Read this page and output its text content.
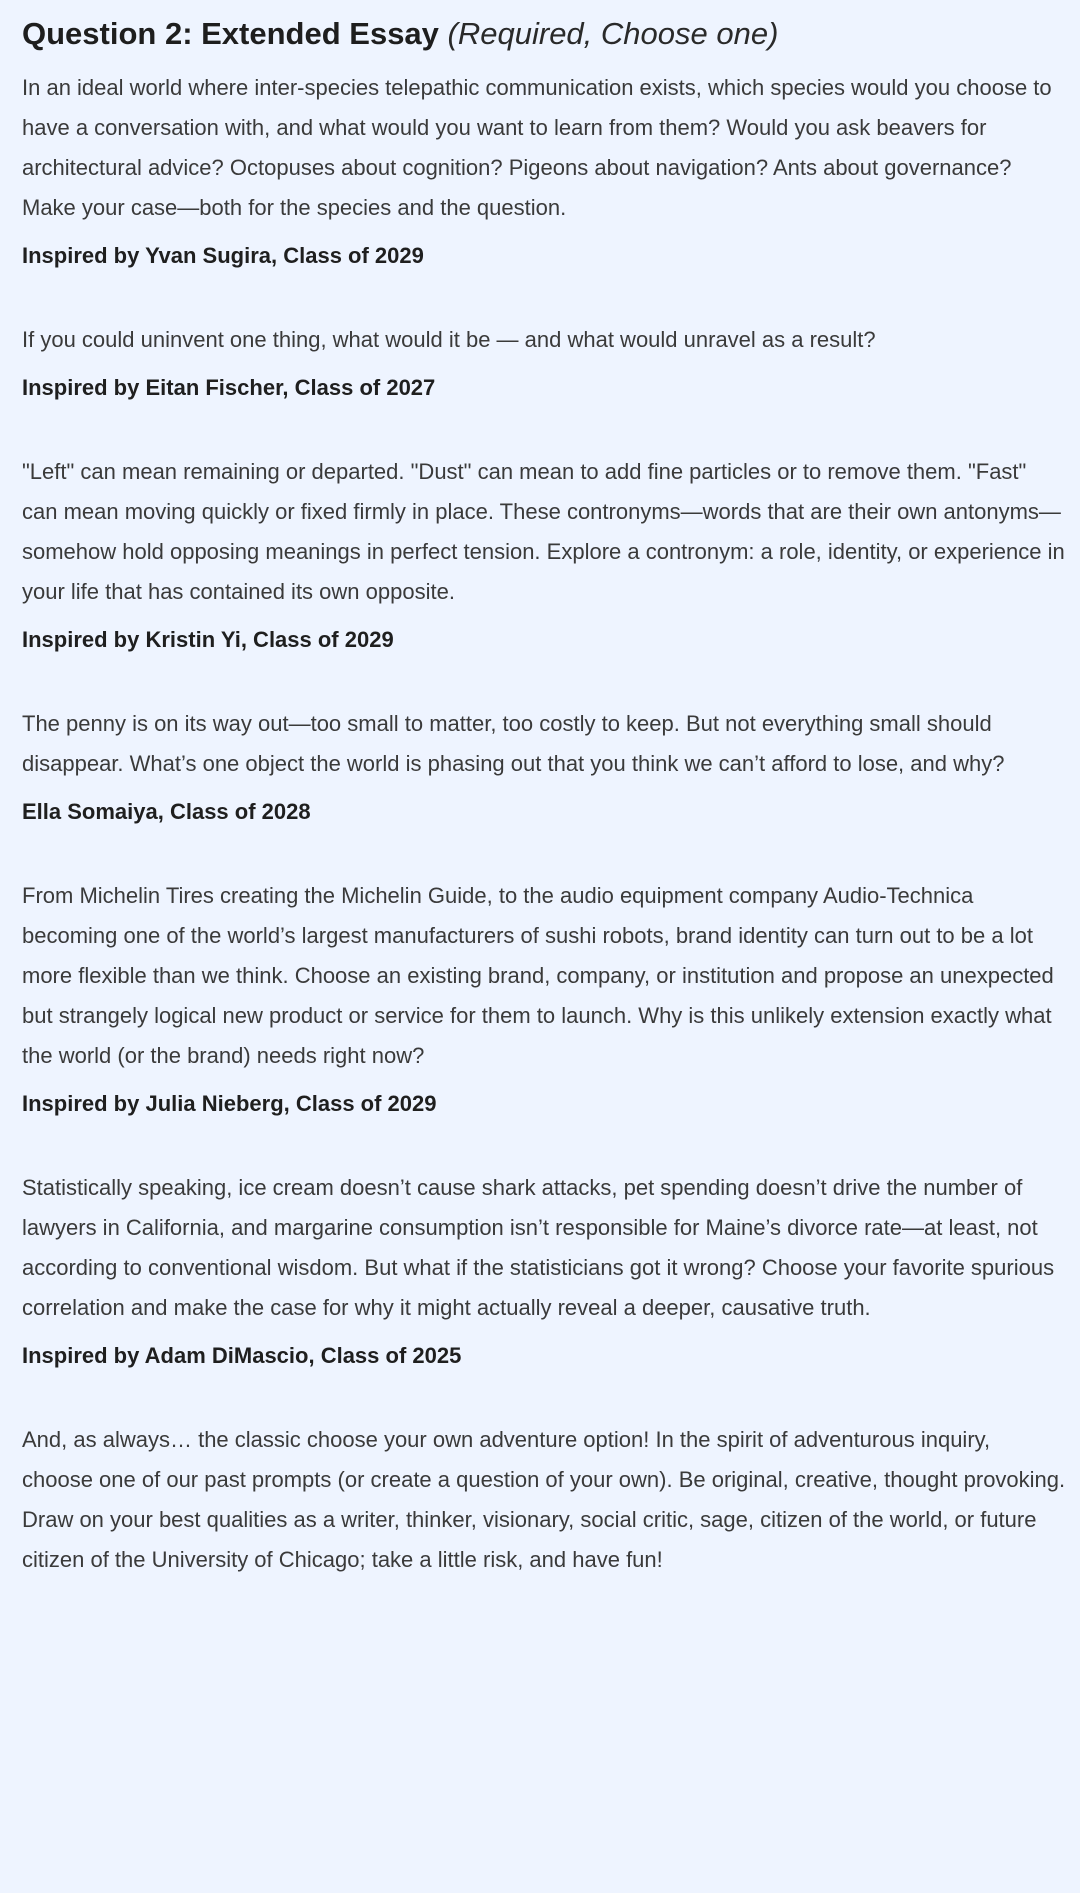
Question 2: Extended Essay (Required, Choose one)

In an ideal world where inter-species telepathic communication exists, which species would you choose to have a conversation with, and what would you want to learn from them? Would you ask beavers for architectural advice? Octopuses about cognition? Pigeons about navigation? Ants about governance? Make your case—both for the species and the question.

Inspired by Yvan Sugira, Class of 2029

If you could uninvent one thing, what would it be — and what would unravel as a result?

Inspired by Eitan Fischer, Class of 2027

"Left" can mean remaining or departed. "Dust" can mean to add fine particles or to remove them. "Fast" can mean moving quickly or fixed firmly in place. These contronyms—words that are their own antonyms—somehow hold opposing meanings in perfect tension. Explore a contronym: a role, identity, or experience in your life that has contained its own opposite.

Inspired by Kristin Yi, Class of 2029

The penny is on its way out—too small to matter, too costly to keep. But not everything small should disappear. What’s one object the world is phasing out that you think we can’t afford to lose, and why?

Ella Somaiya, Class of 2028

From Michelin Tires creating the Michelin Guide, to the audio equipment company Audio-Technica becoming one of the world’s largest manufacturers of sushi robots, brand identity can turn out to be a lot more flexible than we think. Choose an existing brand, company, or institution and propose an unexpected but strangely logical new product or service for them to launch. Why is this unlikely extension exactly what the world (or the brand) needs right now?

Inspired by Julia Nieberg, Class of 2029

Statistically speaking, ice cream doesn’t cause shark attacks, pet spending doesn’t drive the number of lawyers in California, and margarine consumption isn’t responsible for Maine’s divorce rate—at least, not according to conventional wisdom. But what if the statisticians got it wrong? Choose your favorite spurious correlation and make the case for why it might actually reveal a deeper, causative truth.

Inspired by Adam DiMascio, Class of 2025

And, as always… the classic choose your own adventure option! In the spirit of adventurous inquiry, choose one of our past prompts (or create a question of your own). Be original, creative, thought provoking. Draw on your best qualities as a writer, thinker, visionary, social critic, sage, citizen of the world, or future citizen of the University of Chicago; take a little risk, and have fun!
